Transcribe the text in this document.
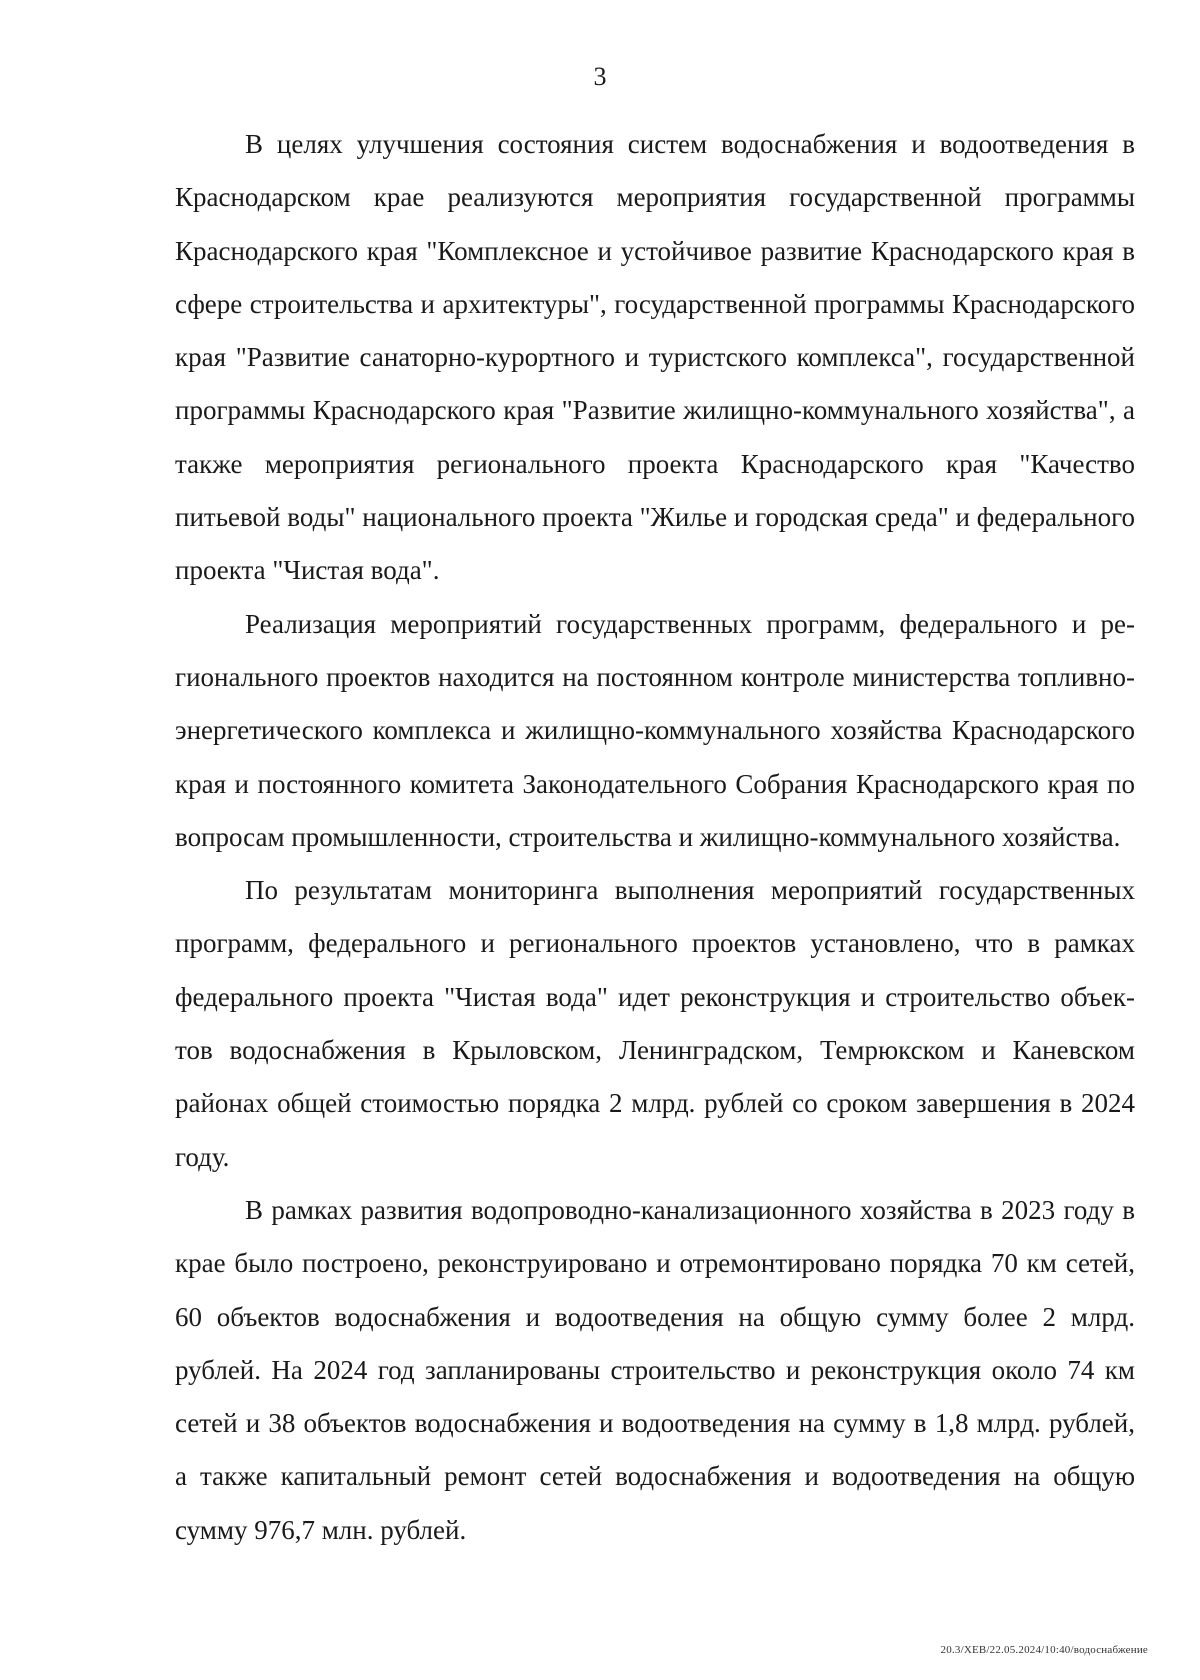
3

В целях улучшения состояния систем водоснабжения и водоотведения в Краснодарском крае реализуются мероприятия государственной программы Краснодарского края "Комплексное и устойчивое развитие Краснодарского края в сфере строительства и архитектуры", государственной программы Краснодарского края "Развитие санаторно-курортного и туристского комплекса", государственной программы Краснодарского края "Развитие жилищно-коммунального хозяйства", а также мероприятия регионального проекта Краснодарского края "Качество питьевой воды" национального проекта "Жилье и городская среда" и федерального проекта "Чистая вода".

Реализация мероприятий государственных программ, федерального и регионального проектов находится на постоянном контроле министерства топливно-энергетического комплекса и жилищно-коммунального хозяйства Краснодарского края и постоянного комитета Законодательного Собрания Краснодарского края по вопросам промышленности, строительства и жилищно-коммунального хозяйства.

По результатам мониторинга выполнения мероприятий государственных программ, федерального и регионального проектов установлено, что в рамках федерального проекта "Чистая вода" идет реконструкция и строительство объектов водоснабжения в Крыловском, Ленинградском, Темрюкском и Каневском районах общей стоимостью порядка 2 млрд. рублей со сроком завершения в 2024 году.

В рамках развития водопроводно-канализационного хозяйства в 2023 году в крае было построено, реконструировано и отремонтировано порядка 70 км сетей, 60 объектов водоснабжения и водоотведения на общую сумму более 2 млрд. рублей. На 2024 год запланированы строительство и реконструкция около 74 км сетей и 38 объектов водоснабжения и водоотведения на сумму в 1,8 млрд. рублей, а также капитальный ремонт сетей водоснабжения и водоотведения на общую сумму 976,7 млн. рублей.

20.3/XEB/22.05.2024/10:40/водоснабжение
